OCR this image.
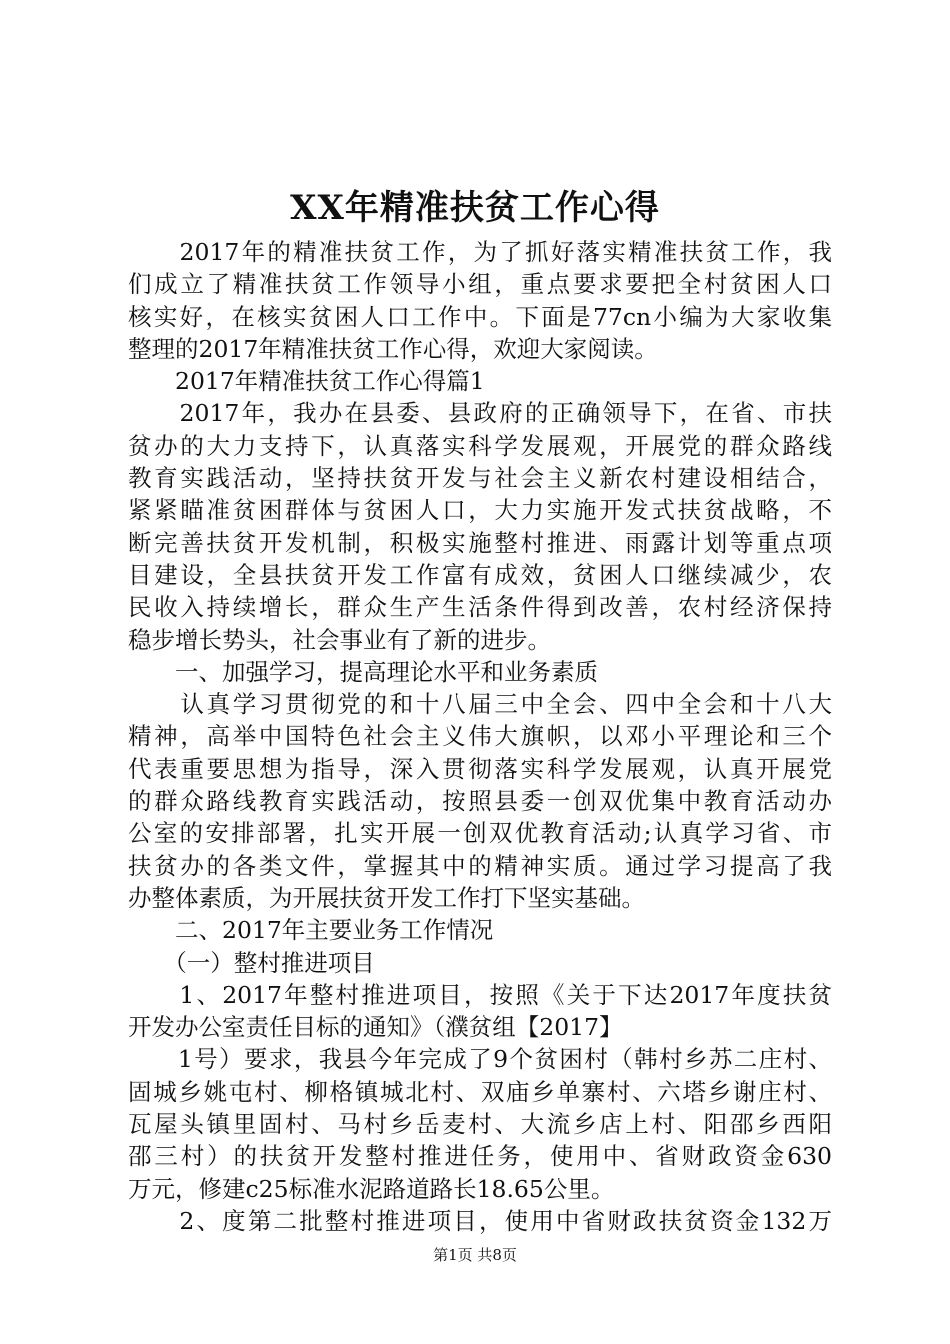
XX年精准扶贫工作心得
　　2017年的精准扶贫工作，为了抓好落实精准扶贫工作，我
们成立了精准扶贫工作领导小组，重点要求要把全村贫困人口
核实好，在核实贫困人口工作中。下面是77cn小编为大家收集
整理的2017年精准扶贫工作心得，欢迎大家阅读。
　　2017年精准扶贫工作心得篇1
　　2017年，我办在县委、县政府的正确领导下，在省、市扶
贫办的大力支持下，认真落实科学发展观，开展党的群众路线
教育实践活动，坚持扶贫开发与社会主义新农村建设相结合，
紧紧瞄准贫困群体与贫困人口，大力实施开发式扶贫战略，不
断完善扶贫开发机制，积极实施整村推进、雨露计划等重点项
目建设，全县扶贫开发工作富有成效，贫困人口继续减少，农
民收入持续增长，群众生产生活条件得到改善，农村经济保持
稳步增长势头，社会事业有了新的进步。
　　一、加强学习，提高理论水平和业务素质
　　认真学习贯彻党的和十八届三中全会、四中全会和十八大
精神，高举中国特色社会主义伟大旗帜，以邓小平理论和三个
代表重要思想为指导，深入贯彻落实科学发展观，认真开展党
的群众路线教育实践活动，按照县委一创双优集中教育活动办
公室的安排部署，扎实开展一创双优教育活动;认真学习省、市
扶贫办的各类文件，掌握其中的精神实质。通过学习提高了我
办整体素质，为开展扶贫开发工作打下坚实基础。
　　二、2017年主要业务工作情况
　　（一）整村推进项目
　　1、2017年整村推进项目，按照《关于下达2017年度扶贫
开发办公室责任目标的通知》（濮贫组【2017】
　　1号）要求，我县今年完成了9个贫困村（韩村乡苏二庄村、
固城乡姚屯村、柳格镇城北村、双庙乡单寨村、六塔乡谢庄村、
瓦屋头镇里固村、马村乡岳麦村、大流乡店上村、阳邵乡西阳
邵三村）的扶贫开发整村推进任务，使用中、省财政资金630
万元，修建c25标准水泥路道路长18.65公里。
　　2、度第二批整村推进项目，使用中省财政扶贫资金132万
第1页 共8页
